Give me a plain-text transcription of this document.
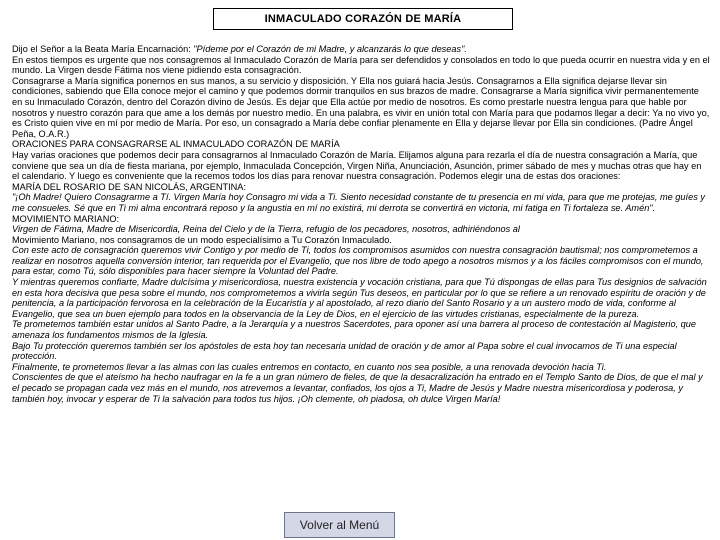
INMACULADO CORAZÓN DE MARÍA

Dijo el Señor a la Beata María Encarnación: "Pídeme por el Corazón de mi Madre, y alcanzarás lo que deseas".

En estos tiempos es urgente que nos consagremos al Inmaculado Corazón de María para ser defendidos y consolados en todo lo que pueda ocurrir en nuestra vida y en el mundo. La Virgen desde Fátima nos viene pidiendo esta consagración.

Consagrarse a María significa ponernos en sus manos, a su servicio y disposición. Y Ella nos guiará hacia Jesús. Consagrarnos a Ella significa dejarse llevar sin condiciones, sabiendo que Ella conoce mejor el camino y que podemos dormir tranquilos en sus brazos de madre. Consagrarse a María significa vivir permanentemente en su Inmaculado Corazón, dentro del Corazón divino de Jesús. Es dejar que Ella actúe por medio de nosotros. Es como prestarle nuestra lengua para que hable por nosotros y nuestro corazón para que ame a los demás por nuestro medio. En una palabra, es vivir en unión total con María para que podamos llegar a decir: Ya no vivo yo, es Cristo quien vive en mí por medio de María. Por eso, un consagrado a María debe confiar plenamente en Ella y dejarse llevar por Ella sin condiciones. (Padre Ángel Peña, O.A.R.)

ORACIONES PARA CONSAGRARSE AL INMACULADO CORAZÓN DE MARÍA

Hay varias oraciones que podemos decir para consagrarnos al Inmaculado Corazón de María. Elijamos alguna para rezarla el día de nuestra consagración a María, que conviene que sea un día de fiesta mariana, por ejemplo, Inmaculada Concepción, Virgen Niña, Anunciación, Asunción, primer sábado de mes y muchas otras que hay en el calendario. Y luego es conveniente que la recemos todos los días para renovar nuestra consagración. Podemos elegir una de estas dos oraciones:

MARÍA DEL ROSARIO DE SAN NICOLÁS, ARGENTINA:

"¡Oh Madre! Quiero Consagrarme a Tí. Virgen María hoy Consagro mi vida a Ti. Siento necesidad constante de tu presencia en mi vida, para que me protejas, me guíes y me consueles. Sé que en Ti mi alma encontrará reposo y la angustia en mí no existirá, mi derrota se convertirá en victoria, mi fatiga en Ti fortaleza se. Amén".

MOVIMIENTO MARIANO:

Virgen de Fátima, Madre de Misericordia, Reina del Cielo y de la Tierra, refugio de los pecadores, nosotros, adhiriéndonos al
Movimiento Mariano, nos consagramos de un modo especialísimo a Tu Corazón Inmaculado.

Con este acto de consagración queremos vivir Contigo y por medio de Ti, todos los compromisos asumidos con nuestra consagración bautismal; nos comprometemos a realizar en nosotros aquella conversión interior, tan requerida por el Evangelio, que nos libre de todo apego a nosotros mismos y a los fáciles compromisos con el mundo, para estar, como Tú, sólo disponibles para hacer siempre la Voluntad del Padre.

Y mientras queremos confiarte, Madre dulcísima y misericordiosa, nuestra existencia y vocación cristiana, para que Tú dispongas de ellas para Tus designios de salvación en esta hora decisiva que pesa sobre el mundo, nos comprometemos a vivirla según Tus deseos, en particular por lo que se refiere a un renovado espíritu de oración y de penitencia, a la participación fervorosa en la celebración de la Eucaristía y al apostolado, al rezo diario del Santo Rosario y a un austero modo de vida, conforme al Evangelio, que sea un buen ejemplo para todos en la observancia de la Ley de Dios, en el ejercicio de las virtudes cristianas, especialmente de la pureza.

Te prometemos también estar unidos al Santo Padre, a la Jerarquía y a nuestros Sacerdotes, para oponer así una barrera al proceso de contestación al Magisterio, que amenaza los fundamentos mismos de la Iglesia.

Bajo Tu protección queremos también ser los apóstoles de esta hoy tan necesaria unidad de oración y de amor al Papa sobre el cual invocamos de Ti una especial protección.

Finalmente, te prometemos llevar a las almas con las cuales entremos en contacto, en cuanto nos sea posible, a una renovada devoción hacia Ti.

Conscientes de que el ateísmo ha hecho naufragar en la fe a un gran número de fieles, de que la desacralización ha entrado en el Templo Santo de Dios, de que el mal y el pecado se propagan cada vez más en el mundo, nos atrevemos a levantar, confiados, los ojos a Ti, Madre de Jesús y Madre nuestra misericordiosa y poderosa, y también hoy, invocar y esperar de Ti la salvación para todos tus hijos. ¡Oh clemente, oh piadosa, oh dulce Virgen María!

Volver al Menú
